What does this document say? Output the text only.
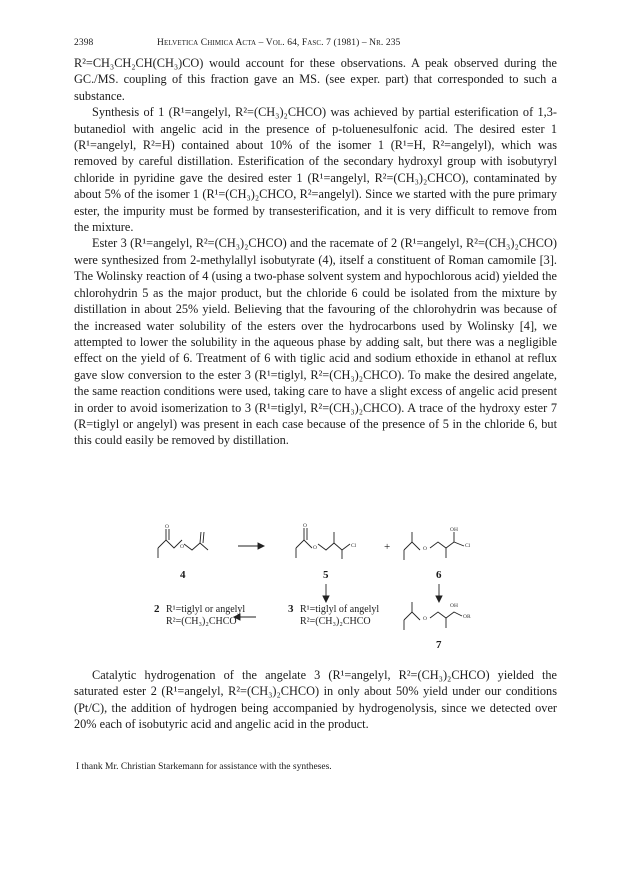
2398	Helvetica Chimica Acta – Vol. 64, Fasc. 7 (1981) – Nr. 235

R²=CH₃CH₂CH(CH₃)CO) would account for these observations. A peak observed during the GC./MS. coupling of this fraction gave an MS. (see exper. part) that corresponded to such a substance.

Synthesis of 1 (R¹=angelyl, R²=(CH₃)₂CHCO) was achieved by partial esterification of 1,3-butanediol with angelic acid in the presence of p-toluenesulfonic acid. The desired ester 1 (R¹=angelyl, R²=H) contained about 10% of the isomer 1 (R¹=H, R²=angelyl), which was removed by careful distillation. Esterification of the secondary hydroxyl group with isobutyryl chloride in pyridine gave the desired ester 1 (R¹=angelyl, R²=(CH₃)₂CHCO), contaminated by about 5% of the isomer 1 (R¹=(CH₃)₂CHCO, R²=angelyl). Since we started with the pure primary ester, the impurity must be formed by transesterification, and it is very difficult to remove from the mixture.

Ester 3 (R¹=angelyl, R²=(CH₃)₂CHCO) and the racemate of 2 (R¹=angelyl, R²=(CH₃)₂CHCO) were synthesized from 2-methylallyl isobutyrate (4), itself a constituent of Roman camomile [3]. The Wolinsky reaction of 4 (using a two-phase solvent system and hypochlorous acid) yielded the chlorohydrin 5 as the major product, but the chloride 6 could be isolated from the mixture by distillation in about 25% yield. Believing that the favouring of the chlorohydrin was because of the increased water solubility of the esters over the hydrocarbons used by Wolinsky [4], we attempted to lower the solubility in the aqueous phase by adding salt, but there was a negligible effect on the yield of 6. Treatment of 6 with tiglic acid and sodium ethoxide in ethanol at reflux gave slow conversion to the ester 3 (R¹=tiglyl, R²=(CH₃)₂CHCO). To make the desired angelate, the same reaction conditions were used, taking care to have a slight excess of angelic acid present in order to avoid isomerization to 3 (R¹=tiglyl, R²=(CH₃)₂CHCO). A trace of the hydroxy ester 7 (R=tiglyl or angelyl) was present in each case because of the presence of 5 in the chloride 6, but this could easily be removed by distillation.

O
O
O
O	Cl	O
OH
Cl
O
OH
OR
4	5
+
6
2	3
7
R¹=tiglyl or angelyl
R²=(CH₃)₂CHCO
R¹=tiglyl of angelyl
R²=(CH₃)₂CHCO

Catalytic hydrogenation of the angelate 3 (R¹=angelyl, R²=(CH₃)₂CHCO) yielded the saturated ester 2 (R¹=angelyl, R²=(CH₃)₂CHCO) in only about 50% yield under our conditions (Pt/C), the addition of hydrogen being accompanied by hydrogenolysis, since we detected over 20% each of isobutyric acid and angelic acid in the product.

I thank Mr. Christian Starkemann for assistance with the syntheses.
